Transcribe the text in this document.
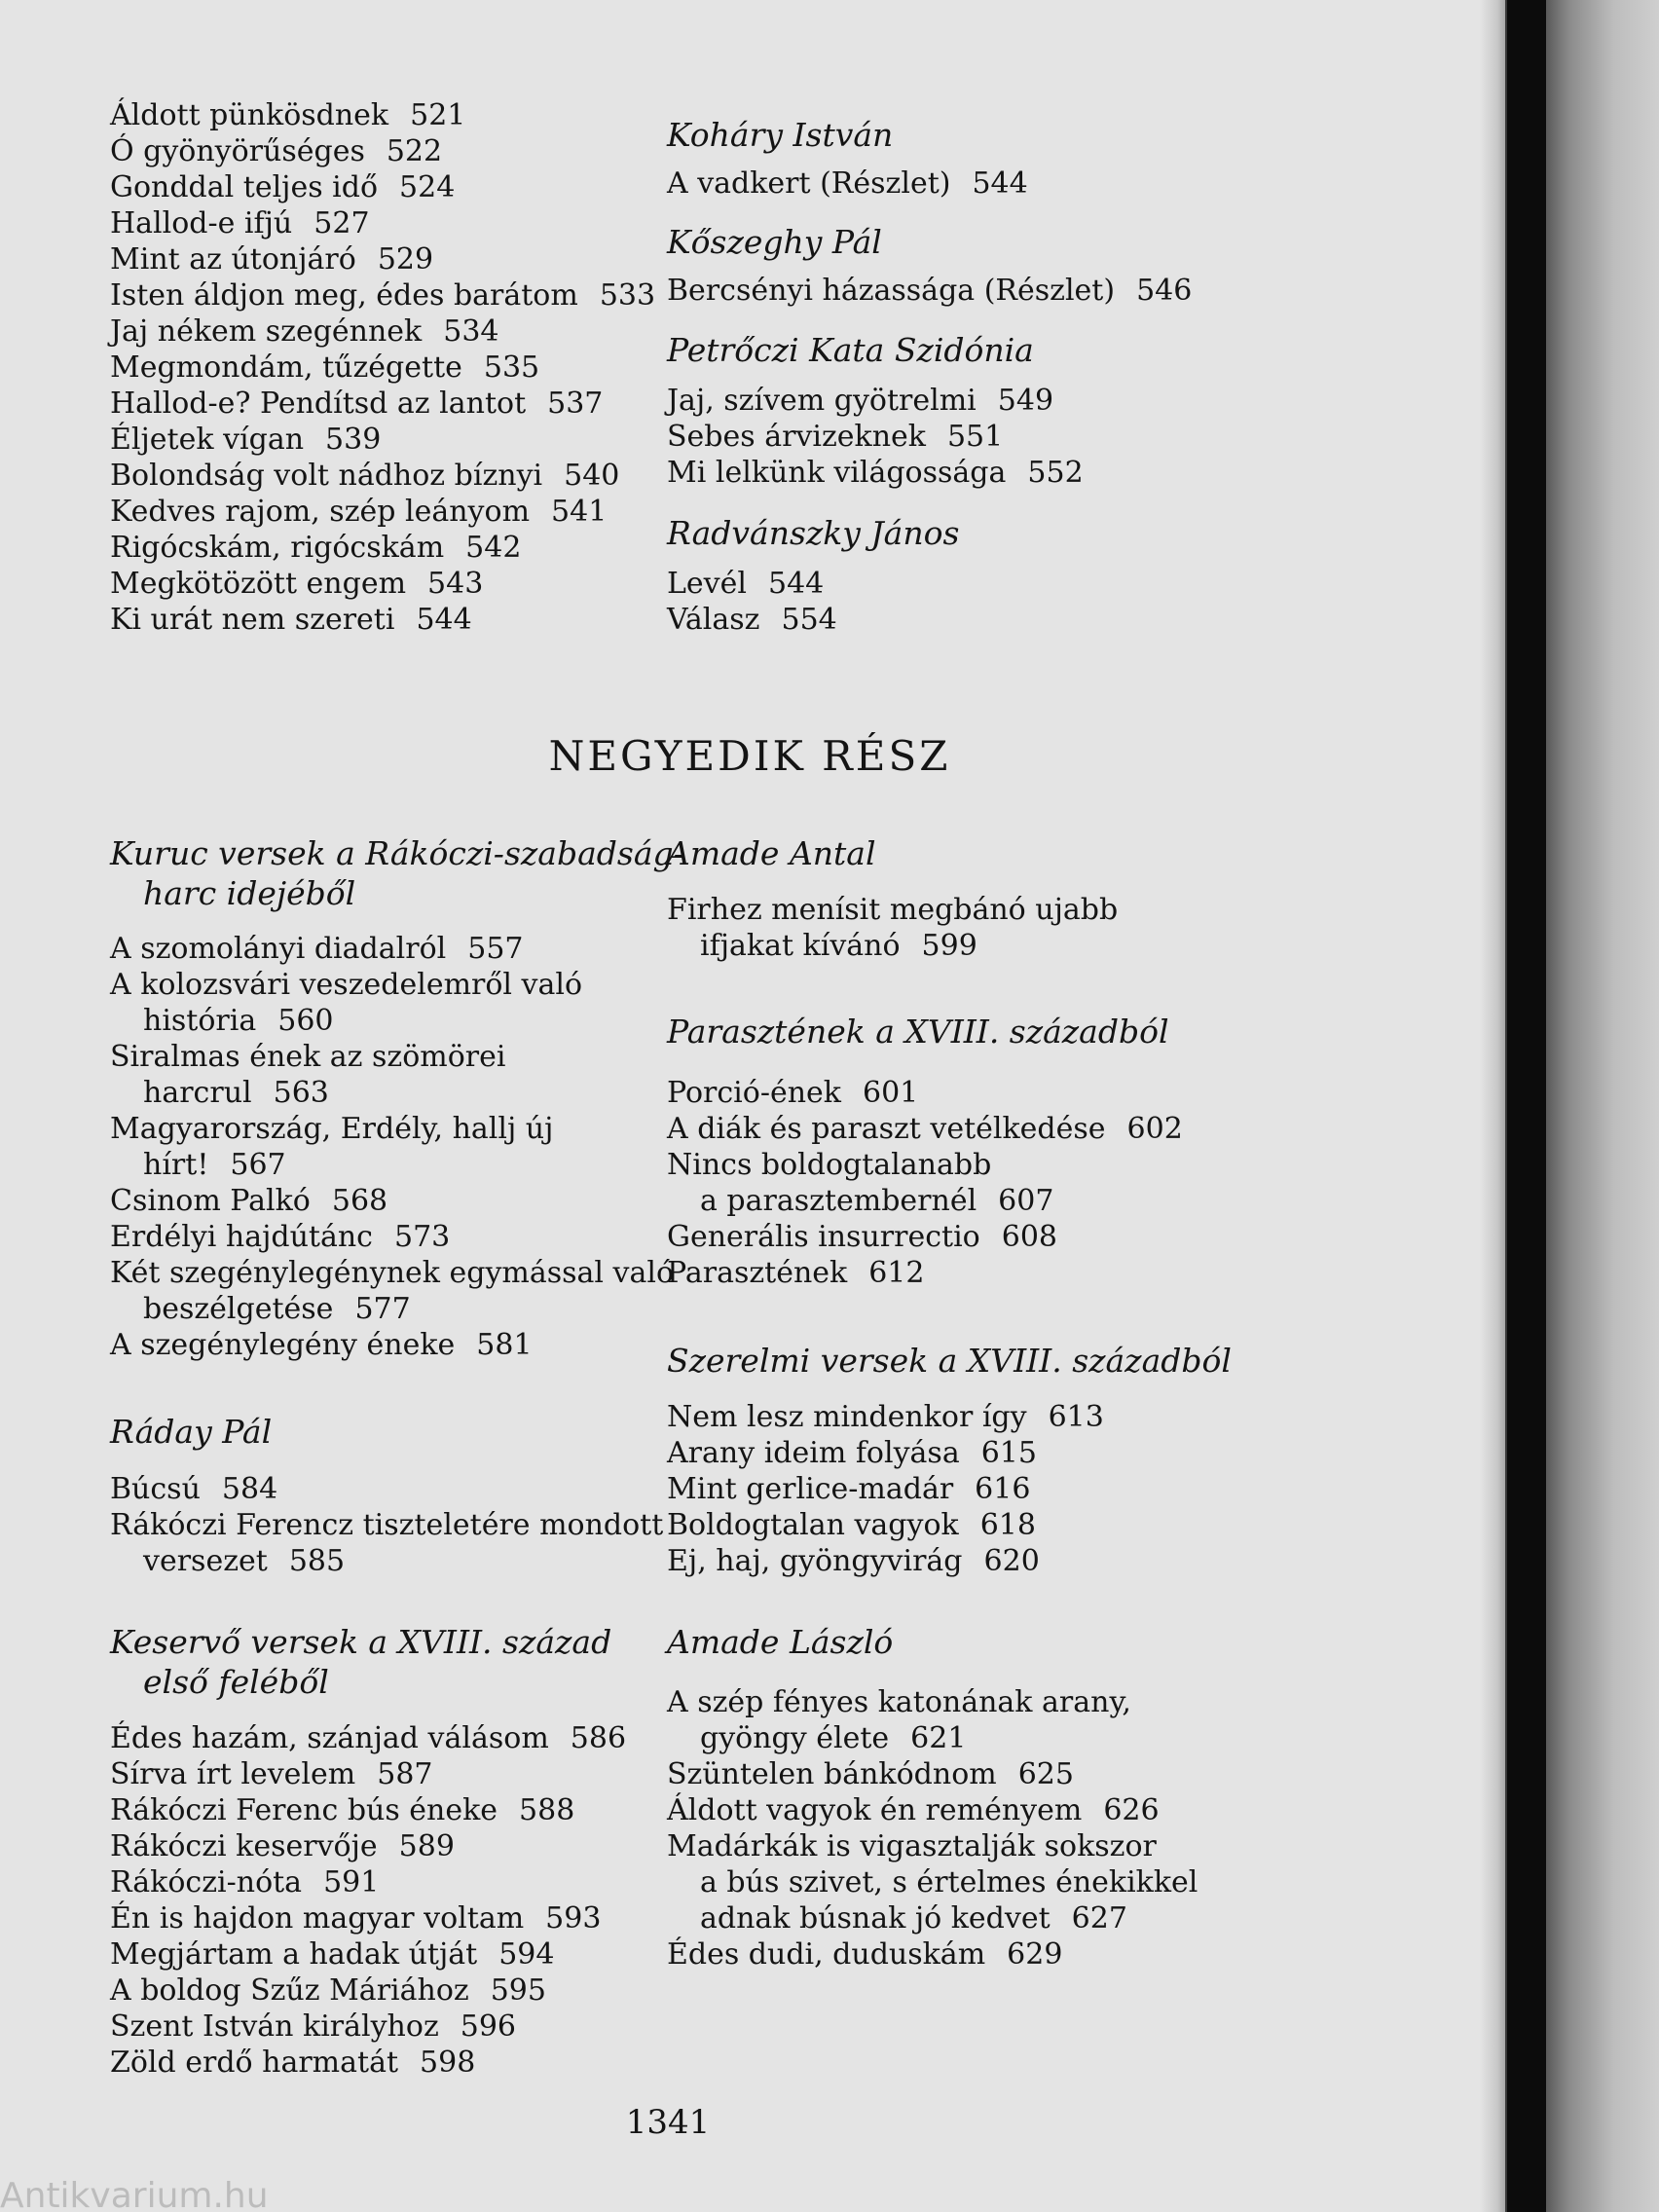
Áldott pünkösdnek 521
Ó gyönyörűséges 522
Gonddal teljes idő 524
Hallod-e ifjú 527
Mint az útonjáró 529
Isten áldjon meg, édes barátom 533
Jaj nékem szegénnek 534
Megmondám, tűzégette 535
Hallod-e? Pendítsd az lantot 537
Éljetek vígan 539
Bolondság volt nádhoz bíznyi 540
Kedves rajom, szép leányom 541
Rigócskám, rigócskám 542
Megkötözött engem 543
Ki urát nem szereti 544
Koháry István
A vadkert (Részlet) 544
Kőszeghy Pál
Bercsényi házassága (Részlet) 546
Petrőczi Kata Szidónia
Jaj, szívem gyötrelmi 549
Sebes árvizeknek 551
Mi lelkünk világossága 552
Radvánszky János
Levél 544
Válasz 554
NEGYEDIK RÉSZ
Kuruc versek a Rákóczi-szabadság-
harc idejéből
A szomolányi diadalról 557
A kolozsvári veszedelemről való
história 560
Siralmas ének az szömörei
harcrul 563
Magyarország, Erdély, hallj új
hírt! 567
Csinom Palkó 568
Erdélyi hajdútánc 573
Két szegénylegénynek egymással való
beszélgetése 577
A szegénylegény éneke 581
Ráday Pál
Búcsú 584
Rákóczi Ferencz tiszteletére mondott
versezet 585
Keservő versek a XVIII. század
első feléből
Édes hazám, szánjad válásom 586
Sírva írt levelem 587
Rákóczi Ferenc bús éneke 588
Rákóczi keservője 589
Rákóczi-nóta 591
Én is hajdon magyar voltam 593
Megjártam a hadak útját 594
A boldog Szűz Máriához 595
Szent István királyhoz 596
Zöld erdő harmatát 598
Amade Antal
Firhez menísit megbánó ujabb
ifjakat kívánó 599
Parasztének a XVIII. századból
Porció-ének 601
A diák és paraszt vetélkedése 602
Nincs boldogtalanabb
a parasztembernél 607
Generális insurrectio 608
Parasztének 612
Szerelmi versek a XVIII. századból
Nem lesz mindenkor így 613
Arany ideim folyása 615
Mint gerlice-madár 616
Boldogtalan vagyok 618
Ej, haj, gyöngyvirág 620
Amade László
A szép fényes katonának arany,
gyöngy élete 621
Szüntelen bánkódnom 625
Áldott vagyok én reményem 626
Madárkák is vigasztalják sokszor
a bús szivet, s értelmes énekikkel
adnak búsnak jó kedvet 627
Édes dudi, duduskám 629
1341
Antikvarium.hu
